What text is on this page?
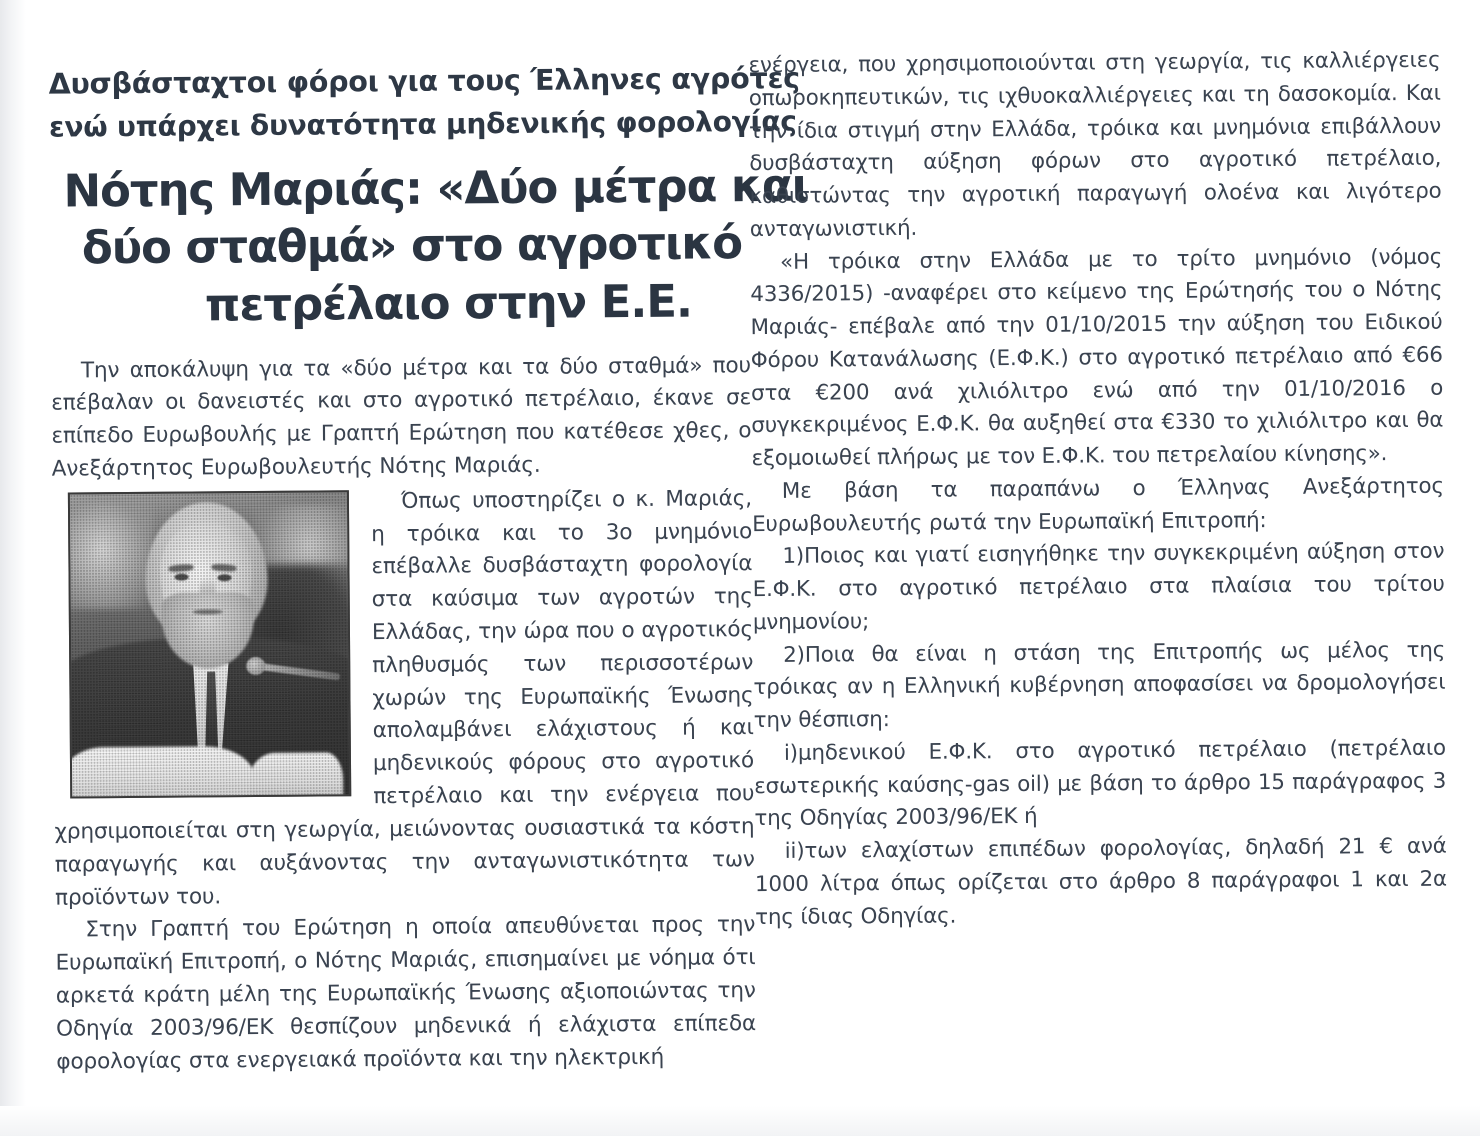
Δυσβάσταχτοι φόροι για τους Έλληνες αγρότες
ενώ υπάρχει δυνατότητα μηδενικής φορολογίας
Νότης Μαριάς: «Δύο μέτρα και
δύο σταθμά» στο αγροτικό
πετρέλαιο στην Ε.Ε.

Την αποκάλυψη για τα «δύο μέτρα και τα δύο σταθμά» που επέβαλαν οι δανειστές και στο αγροτικό πετρέλαιο, έκανε σε επίπεδο Ευρωβουλής με Γραπτή Ερώτηση που κατέθεσε χθες, ο Ανεξάρτητος Ευρωβουλευτής Νότης Μαριάς.

Όπως υποστηρίζει ο κ. Μαριάς, η τρόικα και το 3ο μνημόνιο επέβαλλε δυσβάσταχτη φορολογία στα καύσιμα των αγροτών της Ελλάδας, την ώρα που ο αγροτικός πληθυσμός των περισσοτέρων χωρών της Ευρωπαϊκής Ένωσης απολαμβάνει ελάχιστους ή και μηδενικούς φόρους στο αγροτικό πετρέλαιο και την ενέργεια που χρησιμοποιείται στη γεωργία, μειώνοντας ουσιαστικά τα κόστη παραγωγής και αυξάνοντας την ανταγωνιστικότητα των προϊόντων του.

Στην Γραπτή του Ερώτηση η οποία απευθύνεται προς την Ευρωπαϊκή Επιτροπή, ο Νότης Μαριάς, επισημαίνει με νόημα ότι αρκετά κράτη μέλη της Ευρωπαϊκής Ένωσης αξιοποιώντας την Οδηγία 2003/96/ΕΚ θεσπίζουν μηδενικά ή ελάχιστα επίπεδα φορολογίας στα ενεργειακά προϊόντα και την ηλεκτρική

ενέργεια, που χρησιμοποιούνται στη γεωργία, τις καλλιέργειες οπωροκηπευτικών, τις ιχθυοκαλλιέργειες και τη δασοκομία. Και την ίδια στιγμή στην Ελλάδα, τρόικα και μνημόνια επιβάλλουν δυσβάσταχτη αύξηση φόρων στο αγροτικό πετρέλαιο, καθιστώντας την αγροτική παραγωγή ολοένα και λιγότερο ανταγωνιστική.

«Η τρόικα στην Ελλάδα με το τρίτο μνημόνιο (νόμος 4336/2015) -αναφέρει στο κείμενο της Ερώτησής του ο Νότης Μαριάς- επέβαλε από την 01/10/2015 την αύξηση του Ειδικού Φόρου Κατανάλωσης (Ε.Φ.Κ.) στο αγροτικό πετρέλαιο από €66 στα €200 ανά χιλιόλιτρο ενώ από την 01/10/2016 ο συγκεκριμένος Ε.Φ.Κ. θα αυξηθεί στα €330 το χιλιόλιτρο και θα εξομοιωθεί πλήρως με τον Ε.Φ.Κ. του πετρελαίου κίνησης».

Με βάση τα παραπάνω ο Έλληνας Ανεξάρτητος Ευρωβουλευτής ρωτά την Ευρωπαϊκή Επιτροπή:

1)Ποιος και γιατί εισηγήθηκε την συγκεκριμένη αύξηση στον Ε.Φ.Κ. στο αγροτικό πετρέλαιο στα πλαίσια του τρίτου μνημονίου;

2)Ποια θα είναι η στάση της Επιτροπής ως μέλος της τρόικας αν η Ελληνική κυβέρνηση αποφασίσει να δρομολογήσει την θέσπιση:

i)μηδενικού Ε.Φ.Κ. στο αγροτικό πετρέλαιο (πετρέλαιο εσωτερικής καύσης-gas oil) με βάση το άρθρο 15 παράγραφος 3 της Οδηγίας 2003/96/ΕΚ ή

ii)των ελαχίστων επιπέδων φορολογίας, δηλαδή 21 € ανά 1000 λίτρα όπως ορίζεται στο άρθρο 8 παράγραφοι 1 και 2α της ίδιας Οδηγίας.
